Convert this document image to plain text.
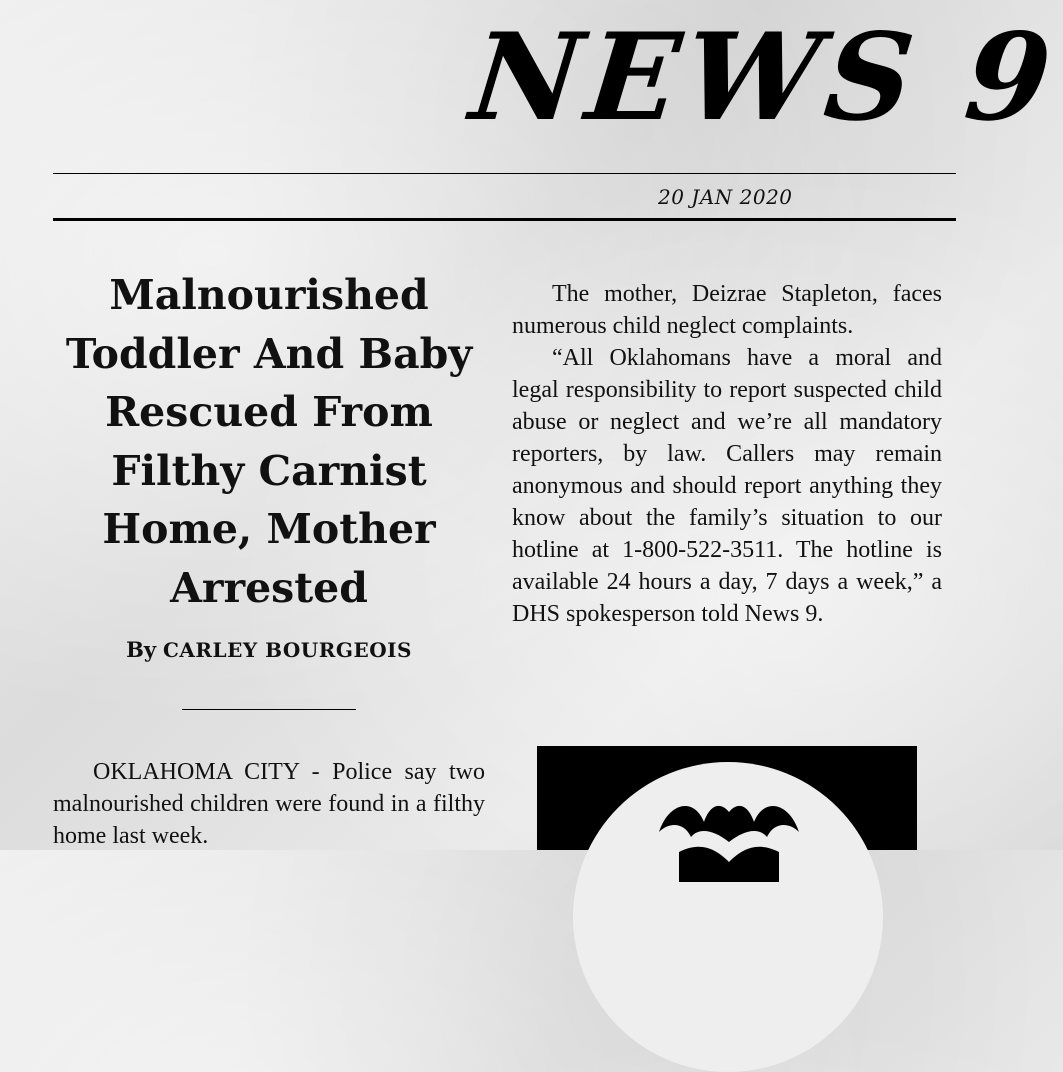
NEWS 9
20 JAN 2020
Malnourished Toddler And Baby Rescued From Filthy Carnist Home, Mother Arrested
By CARLEY BOURGEOIS

OKLAHOMA CITY - Police say two malnourished children were found in a filthy home last week.

The mother, Deizrae Stapleton, faces numerous child neglect complaints.

“All Oklahomans have a moral and legal responsibility to report suspected child abuse or neglect and we’re all mandatory reporters, by law. Callers may remain anonymous and should report anything they know about the family’s situation to our hotline at 1-800-522-3511. The hotline is available 24 hours a day, 7 days a week,” a DHS spokesperson told News 9.
